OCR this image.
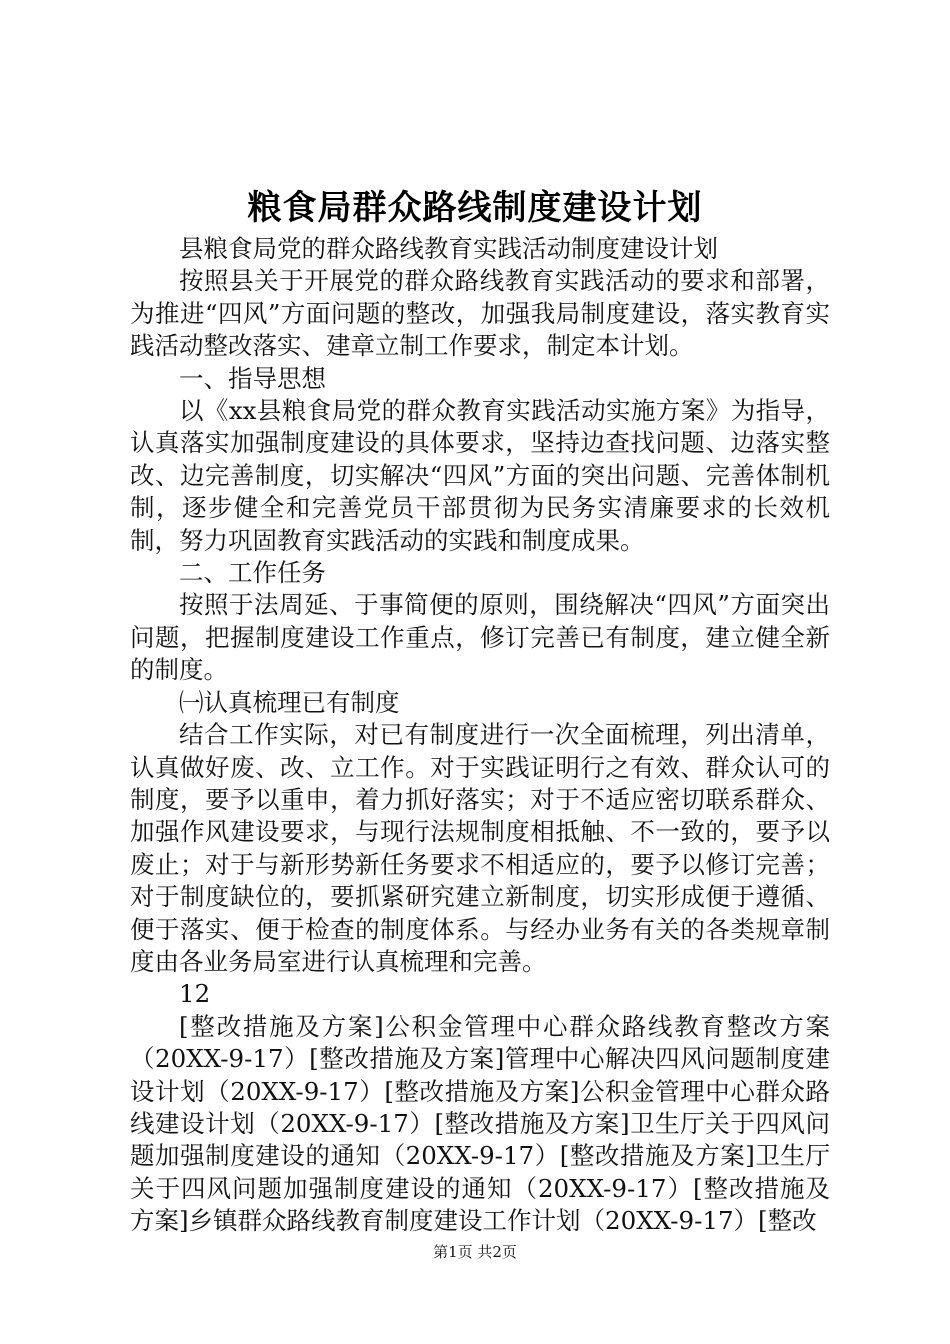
粮食局群众路线制度建设计划

县粮食局党的群众路线教育实践活动制度建设计划

按照县关于开展党的群众路线教育实践活动的要求和部署，为推进“四风”方面问题的整改，加强我局制度建设，落实教育实践活动整改落实、建章立制工作要求，制定本计划。

一、指导思想

以《xx县粮食局党的群众教育实践活动实施方案》为指导，认真落实加强制度建设的具体要求，坚持边查找问题、边落实整改、边完善制度，切实解决“四风”方面的突出问题、完善体制机制，逐步健全和完善党员干部贯彻为民务实清廉要求的长效机制，努力巩固教育实践活动的实践和制度成果。

二、工作任务

按照于法周延、于事简便的原则，围绕解决“四风”方面突出问题，把握制度建设工作重点，修订完善已有制度，建立健全新的制度。

㈠认真梳理已有制度

结合工作实际，对已有制度进行一次全面梳理，列出清单，认真做好废、改、立工作。对于实践证明行之有效、群众认可的制度，要予以重申，着力抓好落实；对于不适应密切联系群众、加强作风建设要求，与现行法规制度相抵触、不一致的，要予以废止；对于与新形势新任务要求不相适应的，要予以修订完善；对于制度缺位的，要抓紧研究建立新制度，切实形成便于遵循、便于落实、便于检查的制度体系。与经办业务有关的各类规章制度由各业务局室进行认真梳理和完善。

12

[整改措施及方案]公积金管理中心群众路线教育整改方案（20XX-9-17）[整改措施及方案]管理中心解决四风问题制度建设计划（20XX-9-17）[整改措施及方案]公积金管理中心群众路线建设计划（20XX-9-17）[整改措施及方案]卫生厅关于四风问题加强制度建设的通知（20XX-9-17）[整改措施及方案]卫生厅关于四风问题加强制度建设的通知（20XX-9-17）[整改措施及方案]乡镇群众路线教育制度建设工作计划（20XX-9-17）[整改

第1页 共2页
